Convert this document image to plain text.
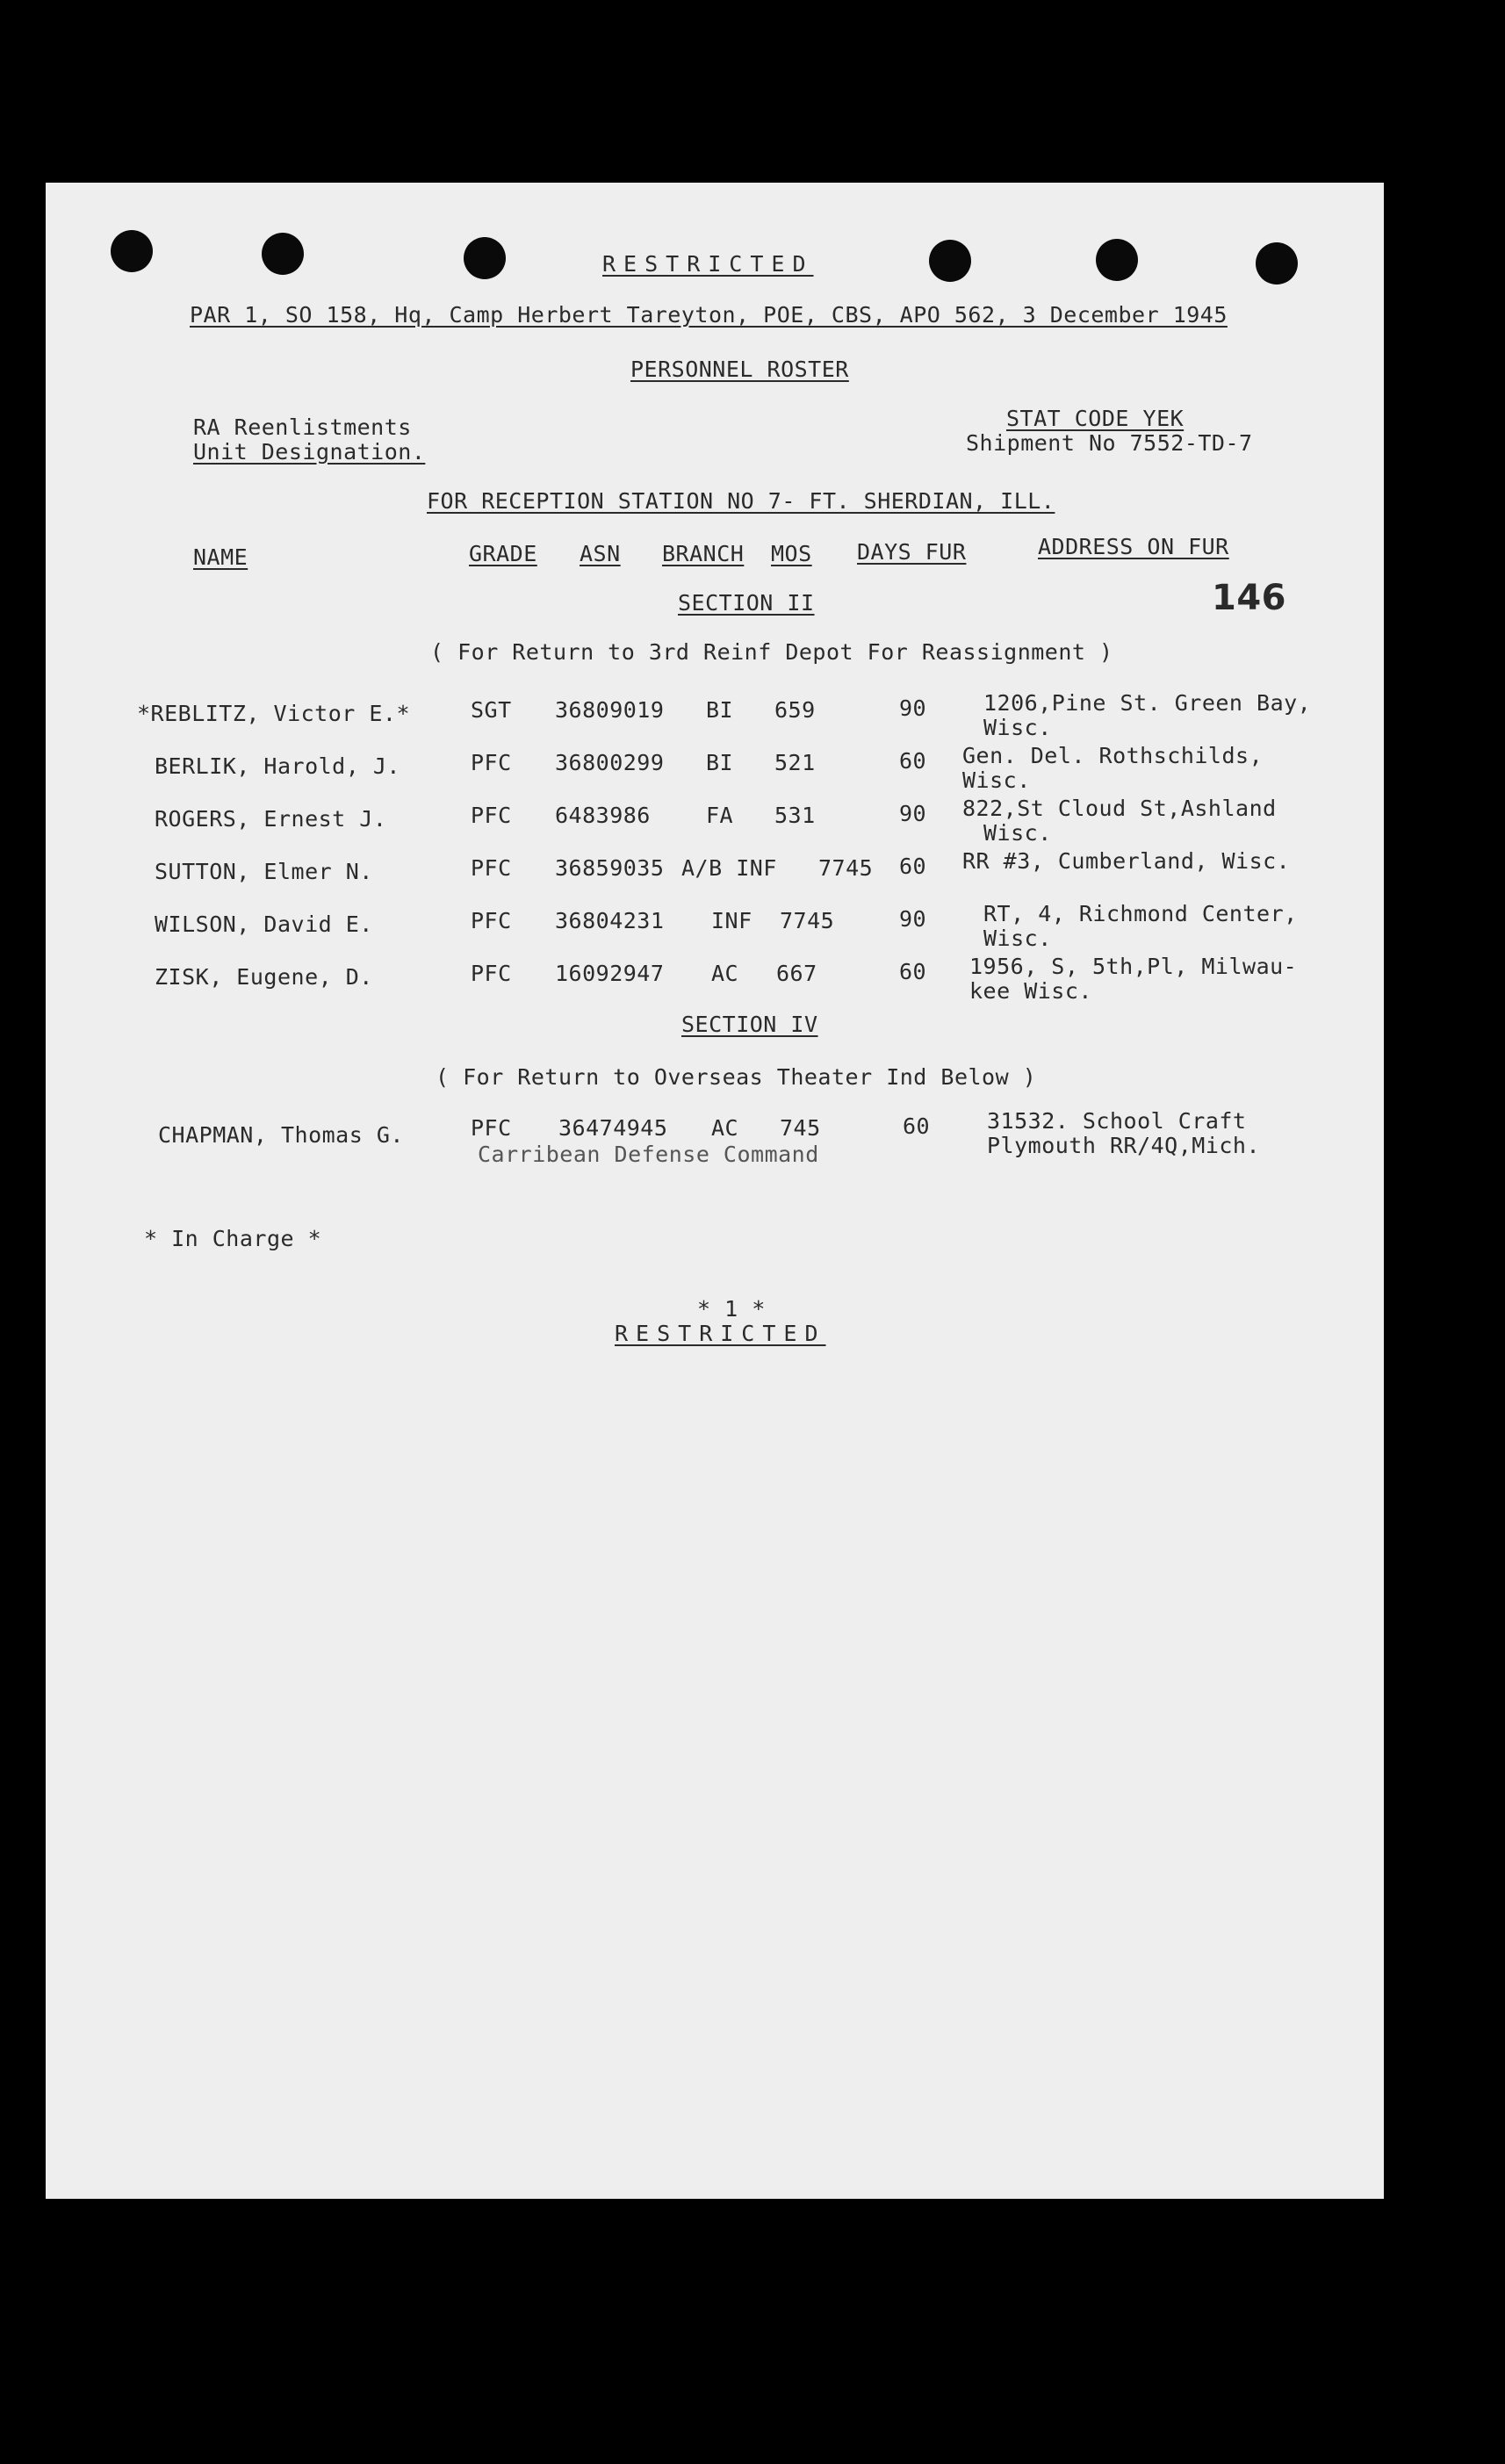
RESTRICTED
PAR 1, SO 158, Hq, Camp Herbert Tareyton, POE, CBS, APO 562, 3 December 1945
PERSONNEL ROSTER
RA Reenlistments
Unit Designation.
STAT CODE YEK
Shipment No 7552-TD-7
FOR RECEPTION STATION NO 7- FT. SHERDIAN, ILL.
NAME	GRADE ASN BRANCH MOS DAYS FUR	ADDRESS ON FUR
146
SECTION II
( For Return to 3rd Reinf Depot For Reassignment )
*REBLITZ, Victor E.*	SGT 36809019 BI 659	90	1206,Pine St. Green Bay,
Wisc.
BERLIK, Harold, J.	PFC 36800299 BI 521	60 Gen. Del. Rothschilds,
Wisc.
ROGERS, Ernest J.	PFC 6483986	FA 531	90 822,St Cloud St,Ashland
Wisc.
SUTTON, Elmer N.	PFC 36859035 A/B INF 7745 60 RR #3, Cumberland, Wisc.
WILSON, David E.	PFC 36804231 INF 7745	90	RT, 4, Richmond Center,
Wisc.
ZISK, Eugene, D.	PFC 16092947 AC 667	60 1956, S, 5th,Pl, Milwau-
kee Wisc.
SECTION IV
( For Return to Overseas Theater Ind Below )
CHAPMAN, Thomas G.	PFC 36474945 AC 745	60	31532. School Craft
Plymouth RR/4Q,Mich.
Carribean Defense Command
* In Charge *
* 1 *
RESTRICTED
